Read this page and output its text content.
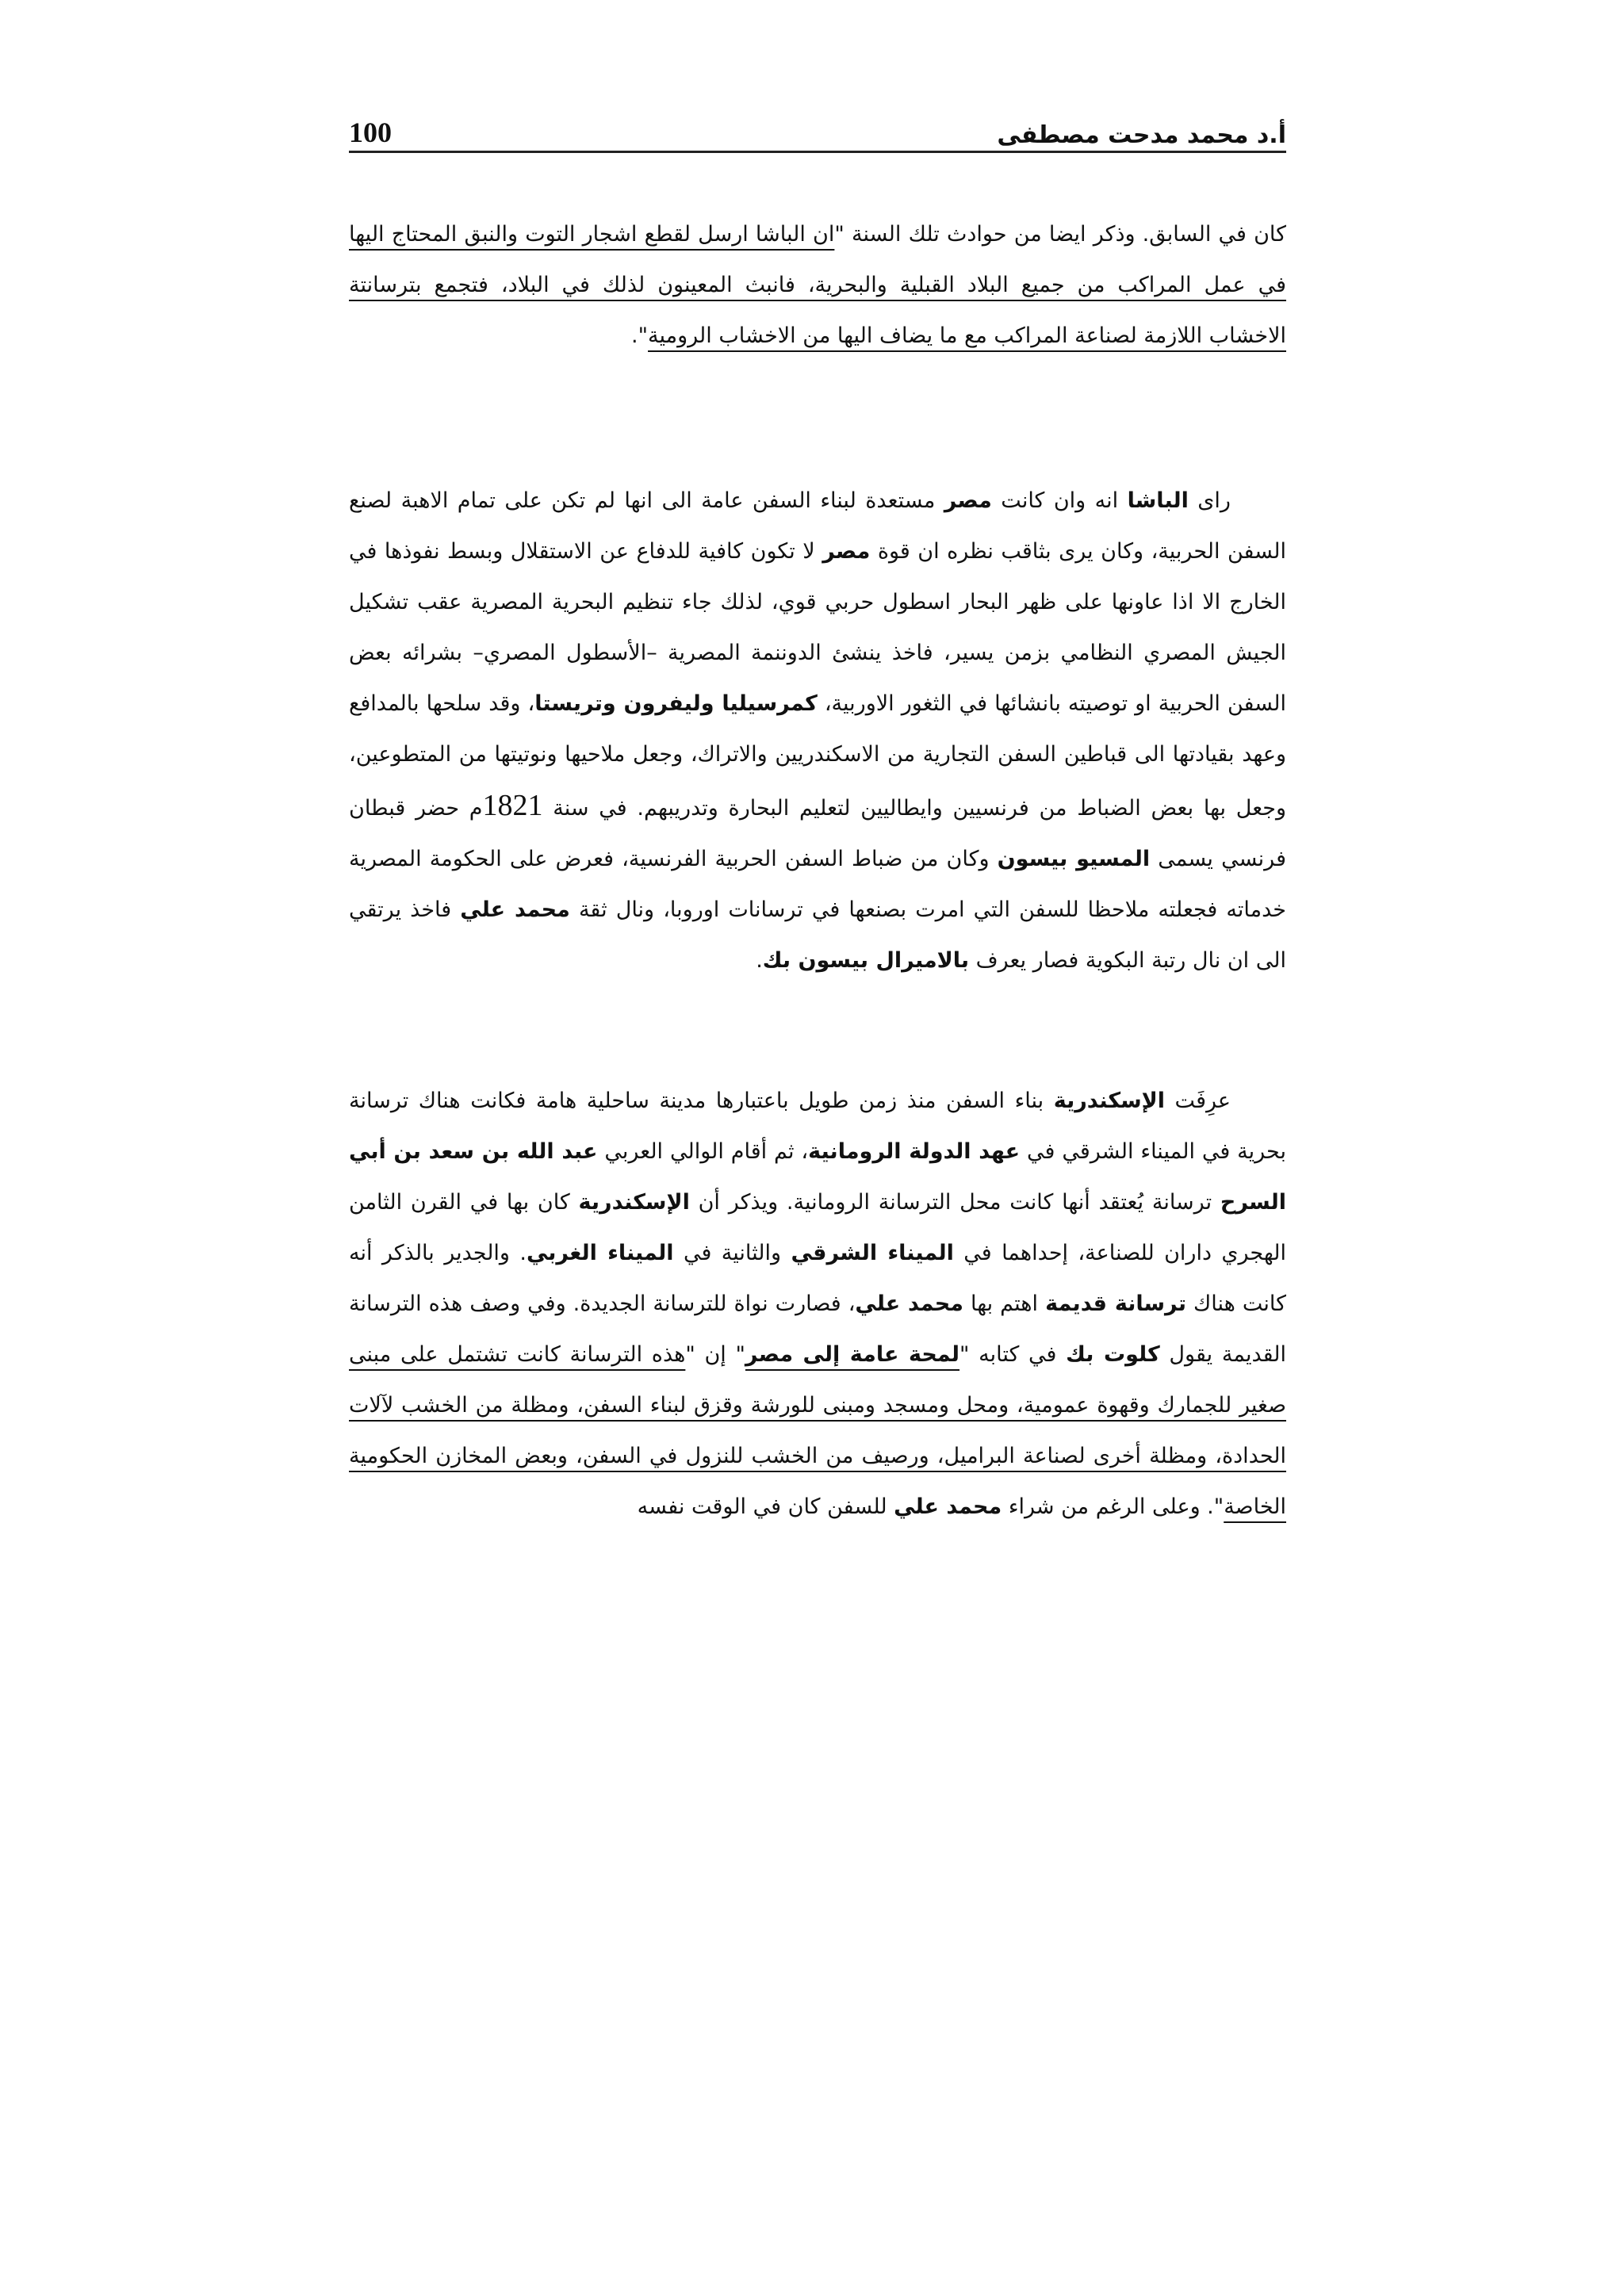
أ.د محمد مدحت مصطفى
100

كان في السابق. وذكر ايضا من حوادث تلك السنة "ان الباشا ارسل لقطع اشجار التوت والنبق المحتاج اليها في عمل المراكب من جميع البلاد القبلية والبحرية، فانبث المعينون لذلك في البلاد، فتجمع بترسانتة الاخشاب اللازمة لصناعة المراكب مع ما يضاف اليها من الاخشاب الرومية".

راى الباشا انه وان كانت مصر مستعدة لبناء السفن عامة الى انها لم تكن على تمام الاهبة لصنع السفن الحربية، وكان يرى بثاقب نظره ان قوة مصر لا تكون كافية للدفاع عن الاستقلال وبسط نفوذها في الخارج الا اذا عاونها على ظهر البحار اسطول حربي قوي، لذلك جاء تنظيم البحرية المصرية عقب تشكيل الجيش المصري النظامي بزمن يسير، فاخذ ينشئ الدوننمة المصرية –الأسطول المصري– بشرائه بعض السفن الحربية او توصيته بانشائها في الثغور الاوربية، كمرسيليا وليفرون وتريستا، وقد سلحها بالمدافع وعهد بقيادتها الى قباطين السفن التجارية من الاسكندريين والاتراك، وجعل ملاحيها ونوتيتها من المتطوعين، وجعل بها بعض الضباط من فرنسيين وايطاليين لتعليم البحارة وتدريبهم. في سنة 1821م حضر قبطان فرنسي يسمى المسيو بيسون وكان من ضباط السفن الحربية الفرنسية، فعرض على الحكومة المصرية خدماته فجعلته ملاحظا للسفن التي امرت بصنعها في ترسانات اوروبا، ونال ثقة محمد علي فاخذ يرتقي الى ان نال رتبة البكوية فصار يعرف بالاميرال بيسون بك.

عرِفَت الإسكندرية بناء السفن منذ زمن طويل باعتبارها مدينة ساحلية هامة فكانت هناك ترسانة بحرية في الميناء الشرقي في عهد الدولة الرومانية، ثم أقام الوالي العربي عبد الله بن سعد بن أبي السرح ترسانة يُعتقد أنها كانت محل الترسانة الرومانية. ويذكر أن الإسكندرية كان بها في القرن الثامن الهجري داران للصناعة، إحداهما في الميناء الشرقي والثانية في الميناء الغربي. والجدير بالذكر أنه كانت هناك ترسانة قديمة اهتم بها محمد علي، فصارت نواة للترسانة الجديدة. وفي وصف هذه الترسانة القديمة يقول كلوت بك في كتابه "لمحة عامة إلى مصر" إن "هذه الترسانة كانت تشتمل على مبنى صغير للجمارك وقهوة عمومية، ومحل ومسجد ومبنى للورشة وقزق لبناء السفن، ومظلة من الخشب لآلات الحدادة، ومظلة أخرى لصناعة البراميل، ورصيف من الخشب للنزول في السفن، وبعض المخازن الحكومية الخاصة". وعلى الرغم من شراء محمد علي للسفن كان في الوقت نفسه
